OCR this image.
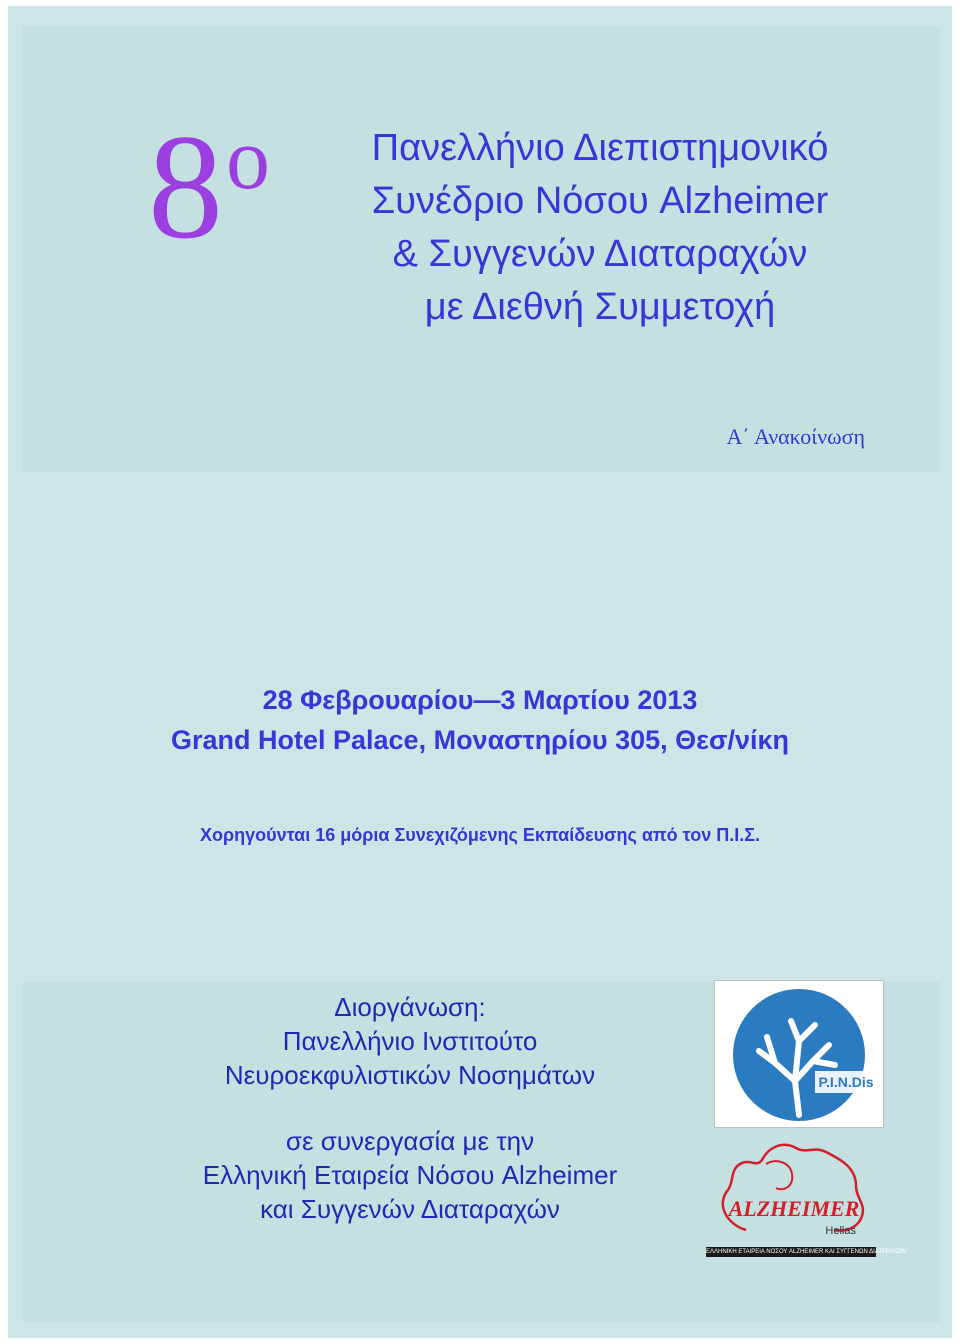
8 ο	Πανελλήνιο Διεπιστημονικό
Συνέδριο Νόσου Alzheimer
& Συγγενών Διαταραχών
με Διεθνή Συμμετοχή
Α΄ Ανακοίνωση
28 Φεβρουαρίου—3 Μαρτίου 2013
Grand Hotel Palace, Μοναστηρίου 305, Θεσ/νίκη
Χορηγούνται 16 μόρια Συνεχιζόμενης Εκπαίδευσης από τον Π.Ι.Σ.
Διοργάνωση:
Πανελλήνιο Ινστιτούτο
Νευροεκφυλιστικών Νοσημάτων
σε συνεργασία με την
Ελληνική Εταιρεία Νόσου Alzheimer
και Συγγενών Διαταραχών
P.I.N.Dis
ALZHEIMER
Hellas
ΕΛΛΗΝΙΚΗ ΕΤΑΙΡΕΙΑ ΝΟΣΟΥ ALZHEIMER ΚΑΙ ΣΥΓΓΕΝΩΝ ΔΙΑΤΑΡΑΧΩΝ
